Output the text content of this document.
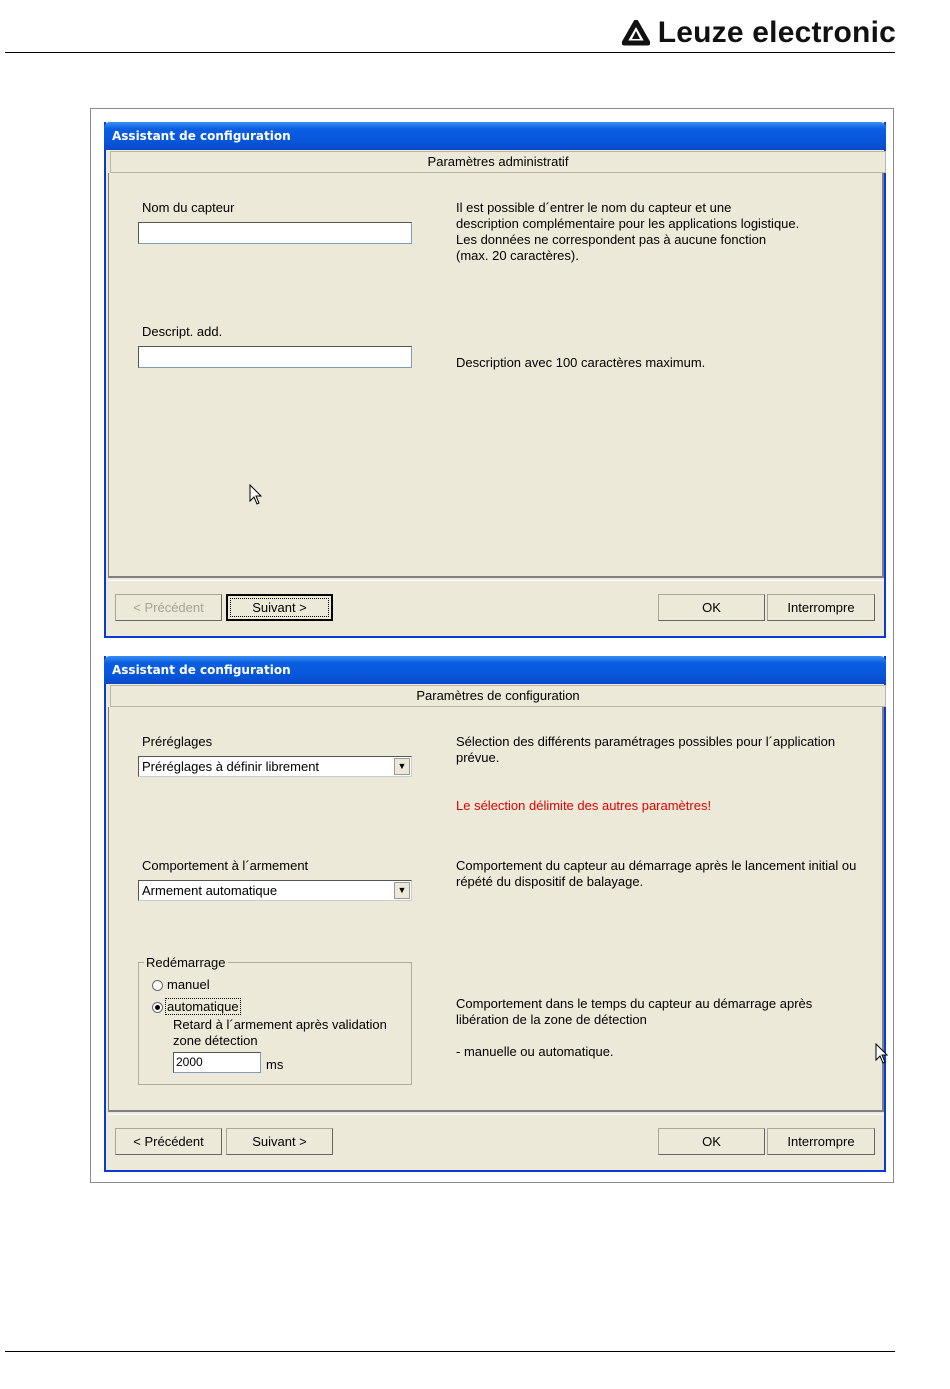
Leuze electronic
Assistant de configuration
Paramètres administratif
Nom du capteur	Il est possible d´entrer le nom du capteur et une
description complémentaire pour les applications logistique.
Les données ne correspondent pas à aucune fonction
(max. 20 caractères).
Descript. add.
Description avec 100 caractères maximum.
< Précédent	Suivant >	OK	Interrompre
Assistant de configuration
Paramètres de configuration
Préréglages
Préréglages à définir librement	▼
Sélection des différents paramétrages possibles pour l´application
prévue.
Le sélection délimite des autres paramètres!
Comportement à l´armement
Armement automatique	▼
Comportement du capteur au démarrage après le lancement initial ou
répété du dispositif de balayage.
Redémarrage
manuel
automatique
Retard à l´armement après validation
zone détection
2000	ms
Comportement dans le temps du capteur au démarrage après
libération de la zone de détection
- manuelle ou automatique.
< Précédent	Suivant >	OK	Interrompre
